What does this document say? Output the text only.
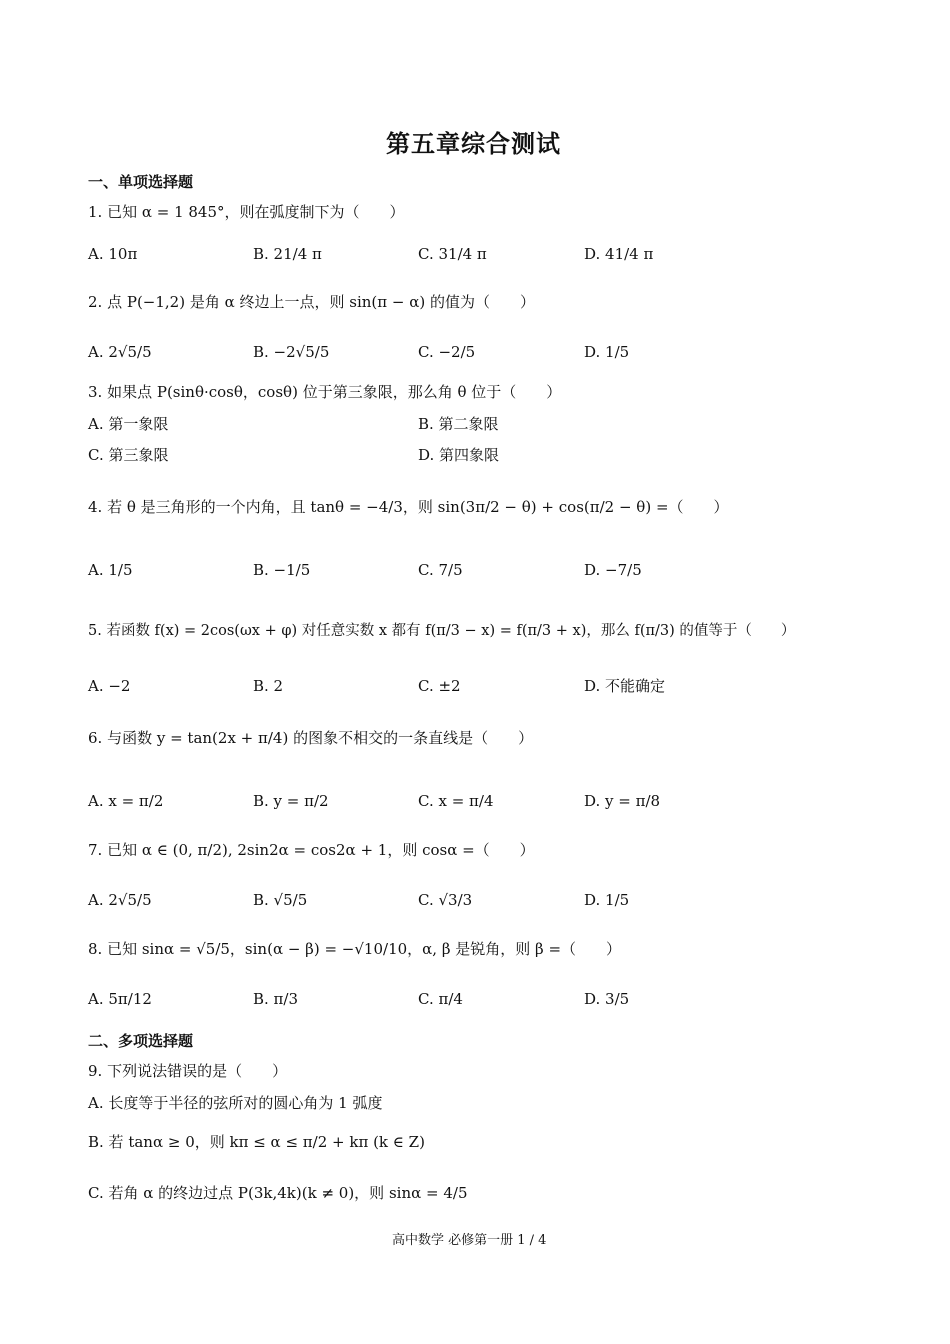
第五章综合测试
一、单项选择题
1. 已知 α = 1 845°，则在弧度制下为（　　）
A. 10π	B. 21/4 π	C. 31/4 π	D. 41/4 π
2. 点 P(−1,2) 是角 α 终边上一点，则 sin(π − α) 的值为（　　）
A. 2√5/5	B. −2√5/5	C. −2/5	D. 1/5
3. 如果点 P(sinθ·cosθ，cosθ) 位于第三象限，那么角 θ 位于（　　）
A. 第一象限	B. 第二象限
C. 第三象限	D. 第四象限
4. 若 θ 是三角形的一个内角，且 tanθ = −4/3，则 sin(3π/2 − θ) + cos(π/2 − θ) =（　　）
A. 1/5	B. −1/5	C. 7/5	D. −7/5
5. 若函数 f(x) = 2cos(ωx + φ) 对任意实数 x 都有 f(π/3 − x) = f(π/3 + x)，那么 f(π/3) 的值等于（　　）
A. −2	B. 2	C. ±2	D. 不能确定
6. 与函数 y = tan(2x + π/4) 的图象不相交的一条直线是（　　）
A. x = π/2	B. y = π/2	C. x = π/4	D. y = π/8
7. 已知 α ∈ (0, π/2), 2sin2α = cos2α + 1，则 cosα =（　　）
A. 2√5/5	B. √5/5	C. √3/3	D. 1/5
8. 已知 sinα = √5/5，sin(α − β) = −√10/10，α, β 是锐角，则 β =（　　）
A. 5π/12	B. π/3	C. π/4	D. 3/5
二、多项选择题
9. 下列说法错误的是（　　）
A. 长度等于半径的弦所对的圆心角为 1 弧度
B. 若 tanα ≥ 0，则 kπ ≤ α ≤ π/2 + kπ (k ∈ Z)
C. 若角 α 的终边过点 P(3k,4k)(k ≠ 0)，则 sinα = 4/5
高中数学 必修第一册 1 / 4
